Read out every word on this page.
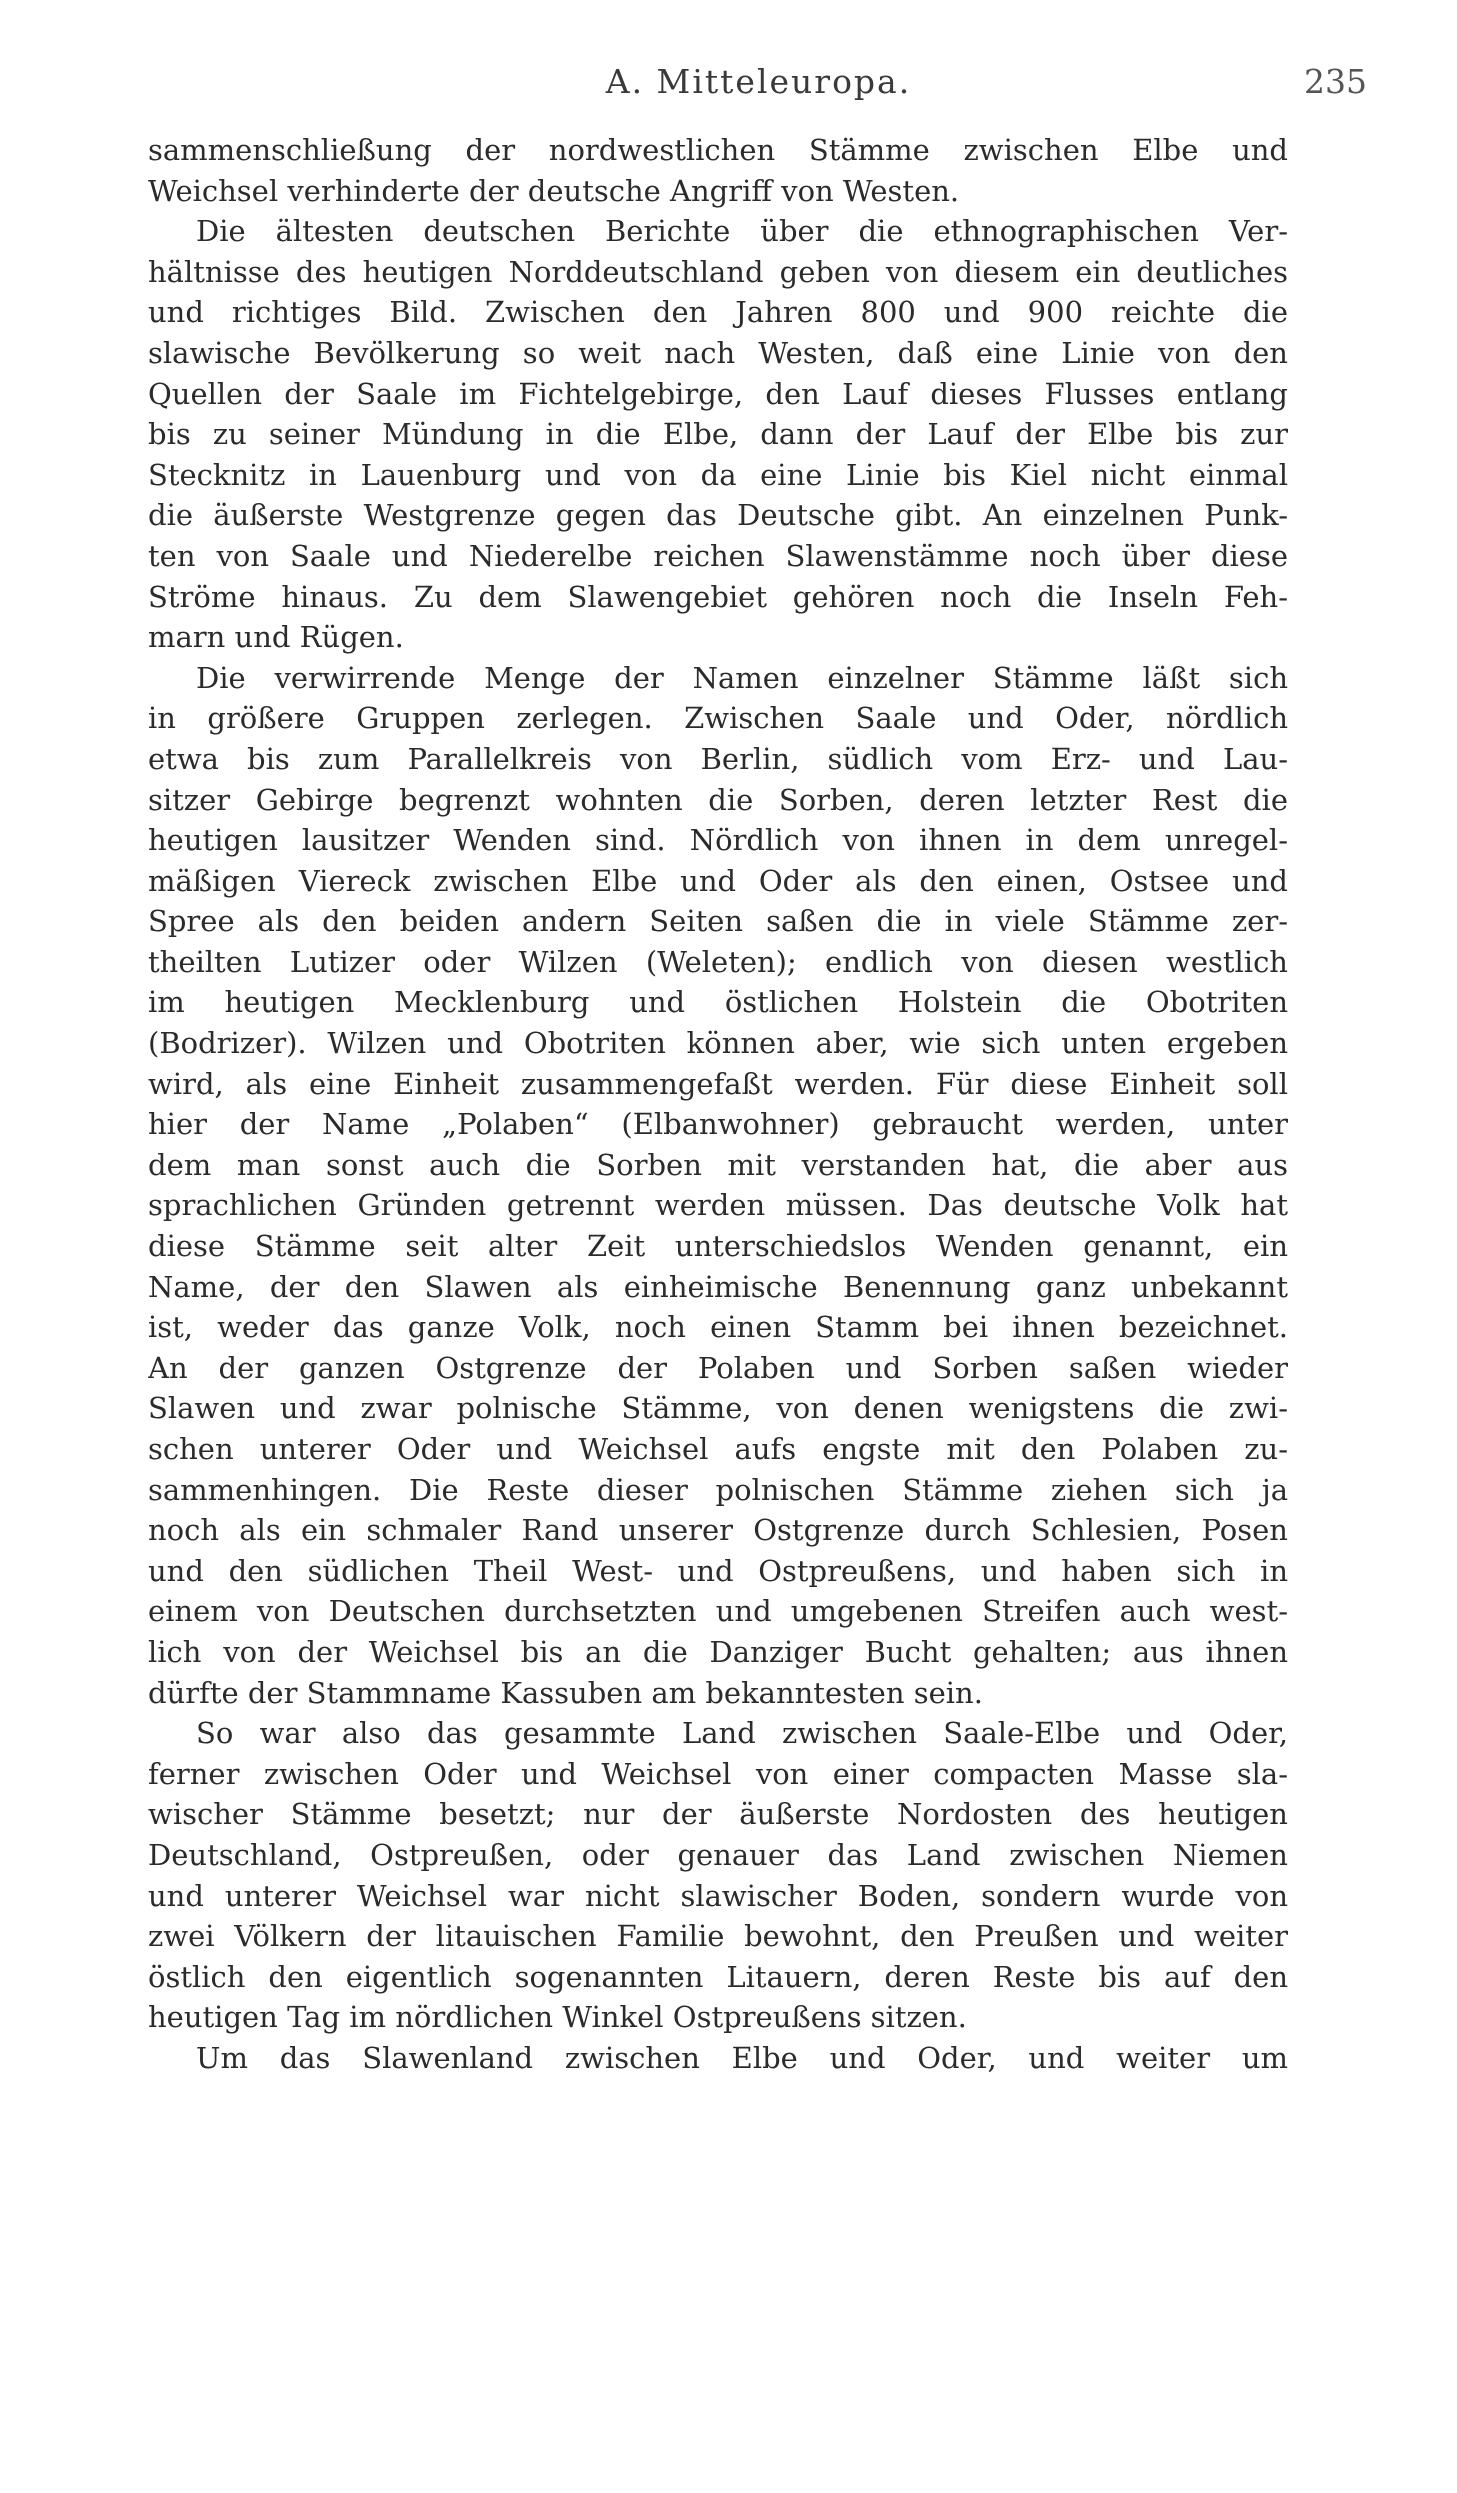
A. Mitteleuropa.	235
sammenschließung der nordwestlichen Stämme zwischen Elbe und
Weichsel verhinderte der deutsche Angriff von Westen.
Die ältesten deutschen Berichte über die ethnographischen Ver-
hältnisse des heutigen Norddeutschland geben von diesem ein deutliches
und richtiges Bild. Zwischen den Jahren 800 und 900 reichte die
slawische Bevölkerung so weit nach Westen, daß eine Linie von den
Quellen der Saale im Fichtelgebirge, den Lauf dieses Flusses entlang
bis zu seiner Mündung in die Elbe, dann der Lauf der Elbe bis zur
Stecknitz in Lauenburg und von da eine Linie bis Kiel nicht einmal
die äußerste Westgrenze gegen das Deutsche gibt. An einzelnen Punk-
ten von Saale und Niederelbe reichen Slawenstämme noch über diese
Ströme hinaus. Zu dem Slawengebiet gehören noch die Inseln Feh-
marn und Rügen.
Die verwirrende Menge der Namen einzelner Stämme läßt sich
in größere Gruppen zerlegen. Zwischen Saale und Oder, nördlich
etwa bis zum Parallelkreis von Berlin, südlich vom Erz- und Lau-
sitzer Gebirge begrenzt wohnten die Sorben, deren letzter Rest die
heutigen lausitzer Wenden sind. Nördlich von ihnen in dem unregel-
mäßigen Viereck zwischen Elbe und Oder als den einen, Ostsee und
Spree als den beiden andern Seiten saßen die in viele Stämme zer-
theilten Lutizer oder Wilzen (Weleten); endlich von diesen westlich
im heutigen Mecklenburg und östlichen Holstein die Obotriten
(Bodrizer). Wilzen und Obotriten können aber, wie sich unten ergeben
wird, als eine Einheit zusammengefaßt werden. Für diese Einheit soll
hier der Name „Polaben“ (Elbanwohner) gebraucht werden, unter
dem man sonst auch die Sorben mit verstanden hat, die aber aus
sprachlichen Gründen getrennt werden müssen. Das deutsche Volk hat
diese Stämme seit alter Zeit unterschiedslos Wenden genannt, ein
Name, der den Slawen als einheimische Benennung ganz unbekannt
ist, weder das ganze Volk, noch einen Stamm bei ihnen bezeichnet.
An der ganzen Ostgrenze der Polaben und Sorben saßen wieder
Slawen und zwar polnische Stämme, von denen wenigstens die zwi-
schen unterer Oder und Weichsel aufs engste mit den Polaben zu-
sammenhingen. Die Reste dieser polnischen Stämme ziehen sich ja
noch als ein schmaler Rand unserer Ostgrenze durch Schlesien, Posen
und den südlichen Theil West- und Ostpreußens, und haben sich in
einem von Deutschen durchsetzten und umgebenen Streifen auch west-
lich von der Weichsel bis an die Danziger Bucht gehalten; aus ihnen
dürfte der Stammname Kassuben am bekanntesten sein.
So war also das gesammte Land zwischen Saale-Elbe und Oder,
ferner zwischen Oder und Weichsel von einer compacten Masse sla-
wischer Stämme besetzt; nur der äußerste Nordosten des heutigen
Deutschland, Ostpreußen, oder genauer das Land zwischen Niemen
und unterer Weichsel war nicht slawischer Boden, sondern wurde von
zwei Völkern der litauischen Familie bewohnt, den Preußen und weiter
östlich den eigentlich sogenannten Litauern, deren Reste bis auf den
heutigen Tag im nördlichen Winkel Ostpreußens sitzen.
Um das Slawenland zwischen Elbe und Oder, und weiter um
